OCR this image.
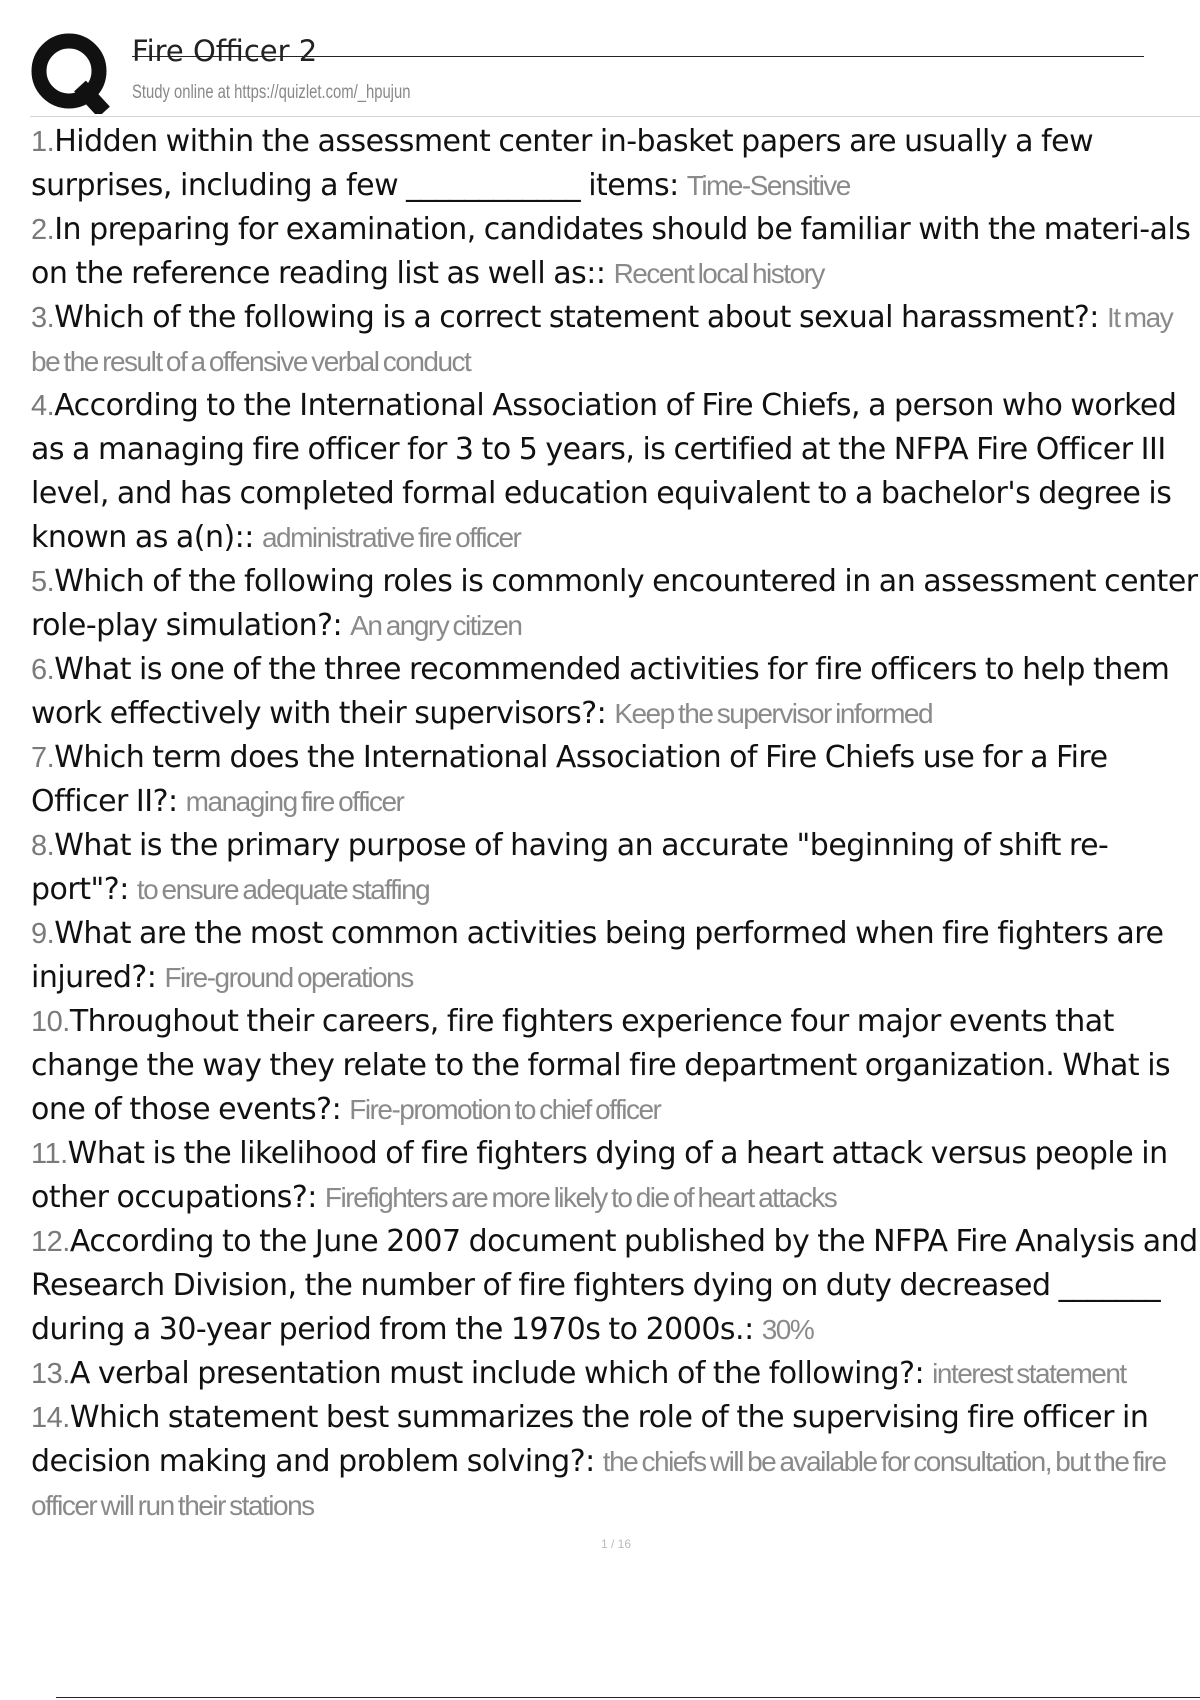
Fire Officer 2
Study online at https://quizlet.com/_hpujun

1.Hidden within the assessment center in-basket papers are usually a few surprises, including a few ____________ items: Time-Sensitive

2.In preparing for examination, candidates should be familiar with the materi-als on the reference reading list as well as:: Recent local history

3.Which of the following is a correct statement about sexual harassment?: It may be the result of a offensive verbal conduct

4.According to the International Association of Fire Chiefs, a person who worked as a managing fire officer for 3 to 5 years, is certified at the NFPA Fire Officer III level, and has completed formal education equivalent to a bachelor's degree is known as a(n):: administrative fire officer

5.Which of the following roles is commonly encountered in an assessment center role-play simulation?: An angry citizen

6.What is one of the three recommended activities for fire officers to help them work effectively with their supervisors?: Keep the supervisor informed

7.Which term does the International Association of Fire Chiefs use for a Fire Officer II?: managing fire officer

8.What is the primary purpose of having an accurate "beginning of shift re-port"?: to ensure adequate staffing

9.What are the most common activities being performed when fire fighters are injured?: Fire-ground operations

10.Throughout their careers, fire fighters experience four major events that change the way they relate to the formal fire department organization. What is one of those events?: Fire-promotion to chief officer

11.What is the likelihood of fire fighters dying of a heart attack versus people in other occupations?: Firefighters are more likely to die of heart attacks

12.According to the June 2007 document published by the NFPA Fire Analysis and Research Division, the number of fire fighters dying on duty decreased _______ during a 30-year period from the 1970s to 2000s.: 30%

13.A verbal presentation must include which of the following?: interest statement

14.Which statement best summarizes the role of the supervising fire officer in decision making and problem solving?: the chiefs will be available for consultation, but the fire officer will run their stations

1 / 16
